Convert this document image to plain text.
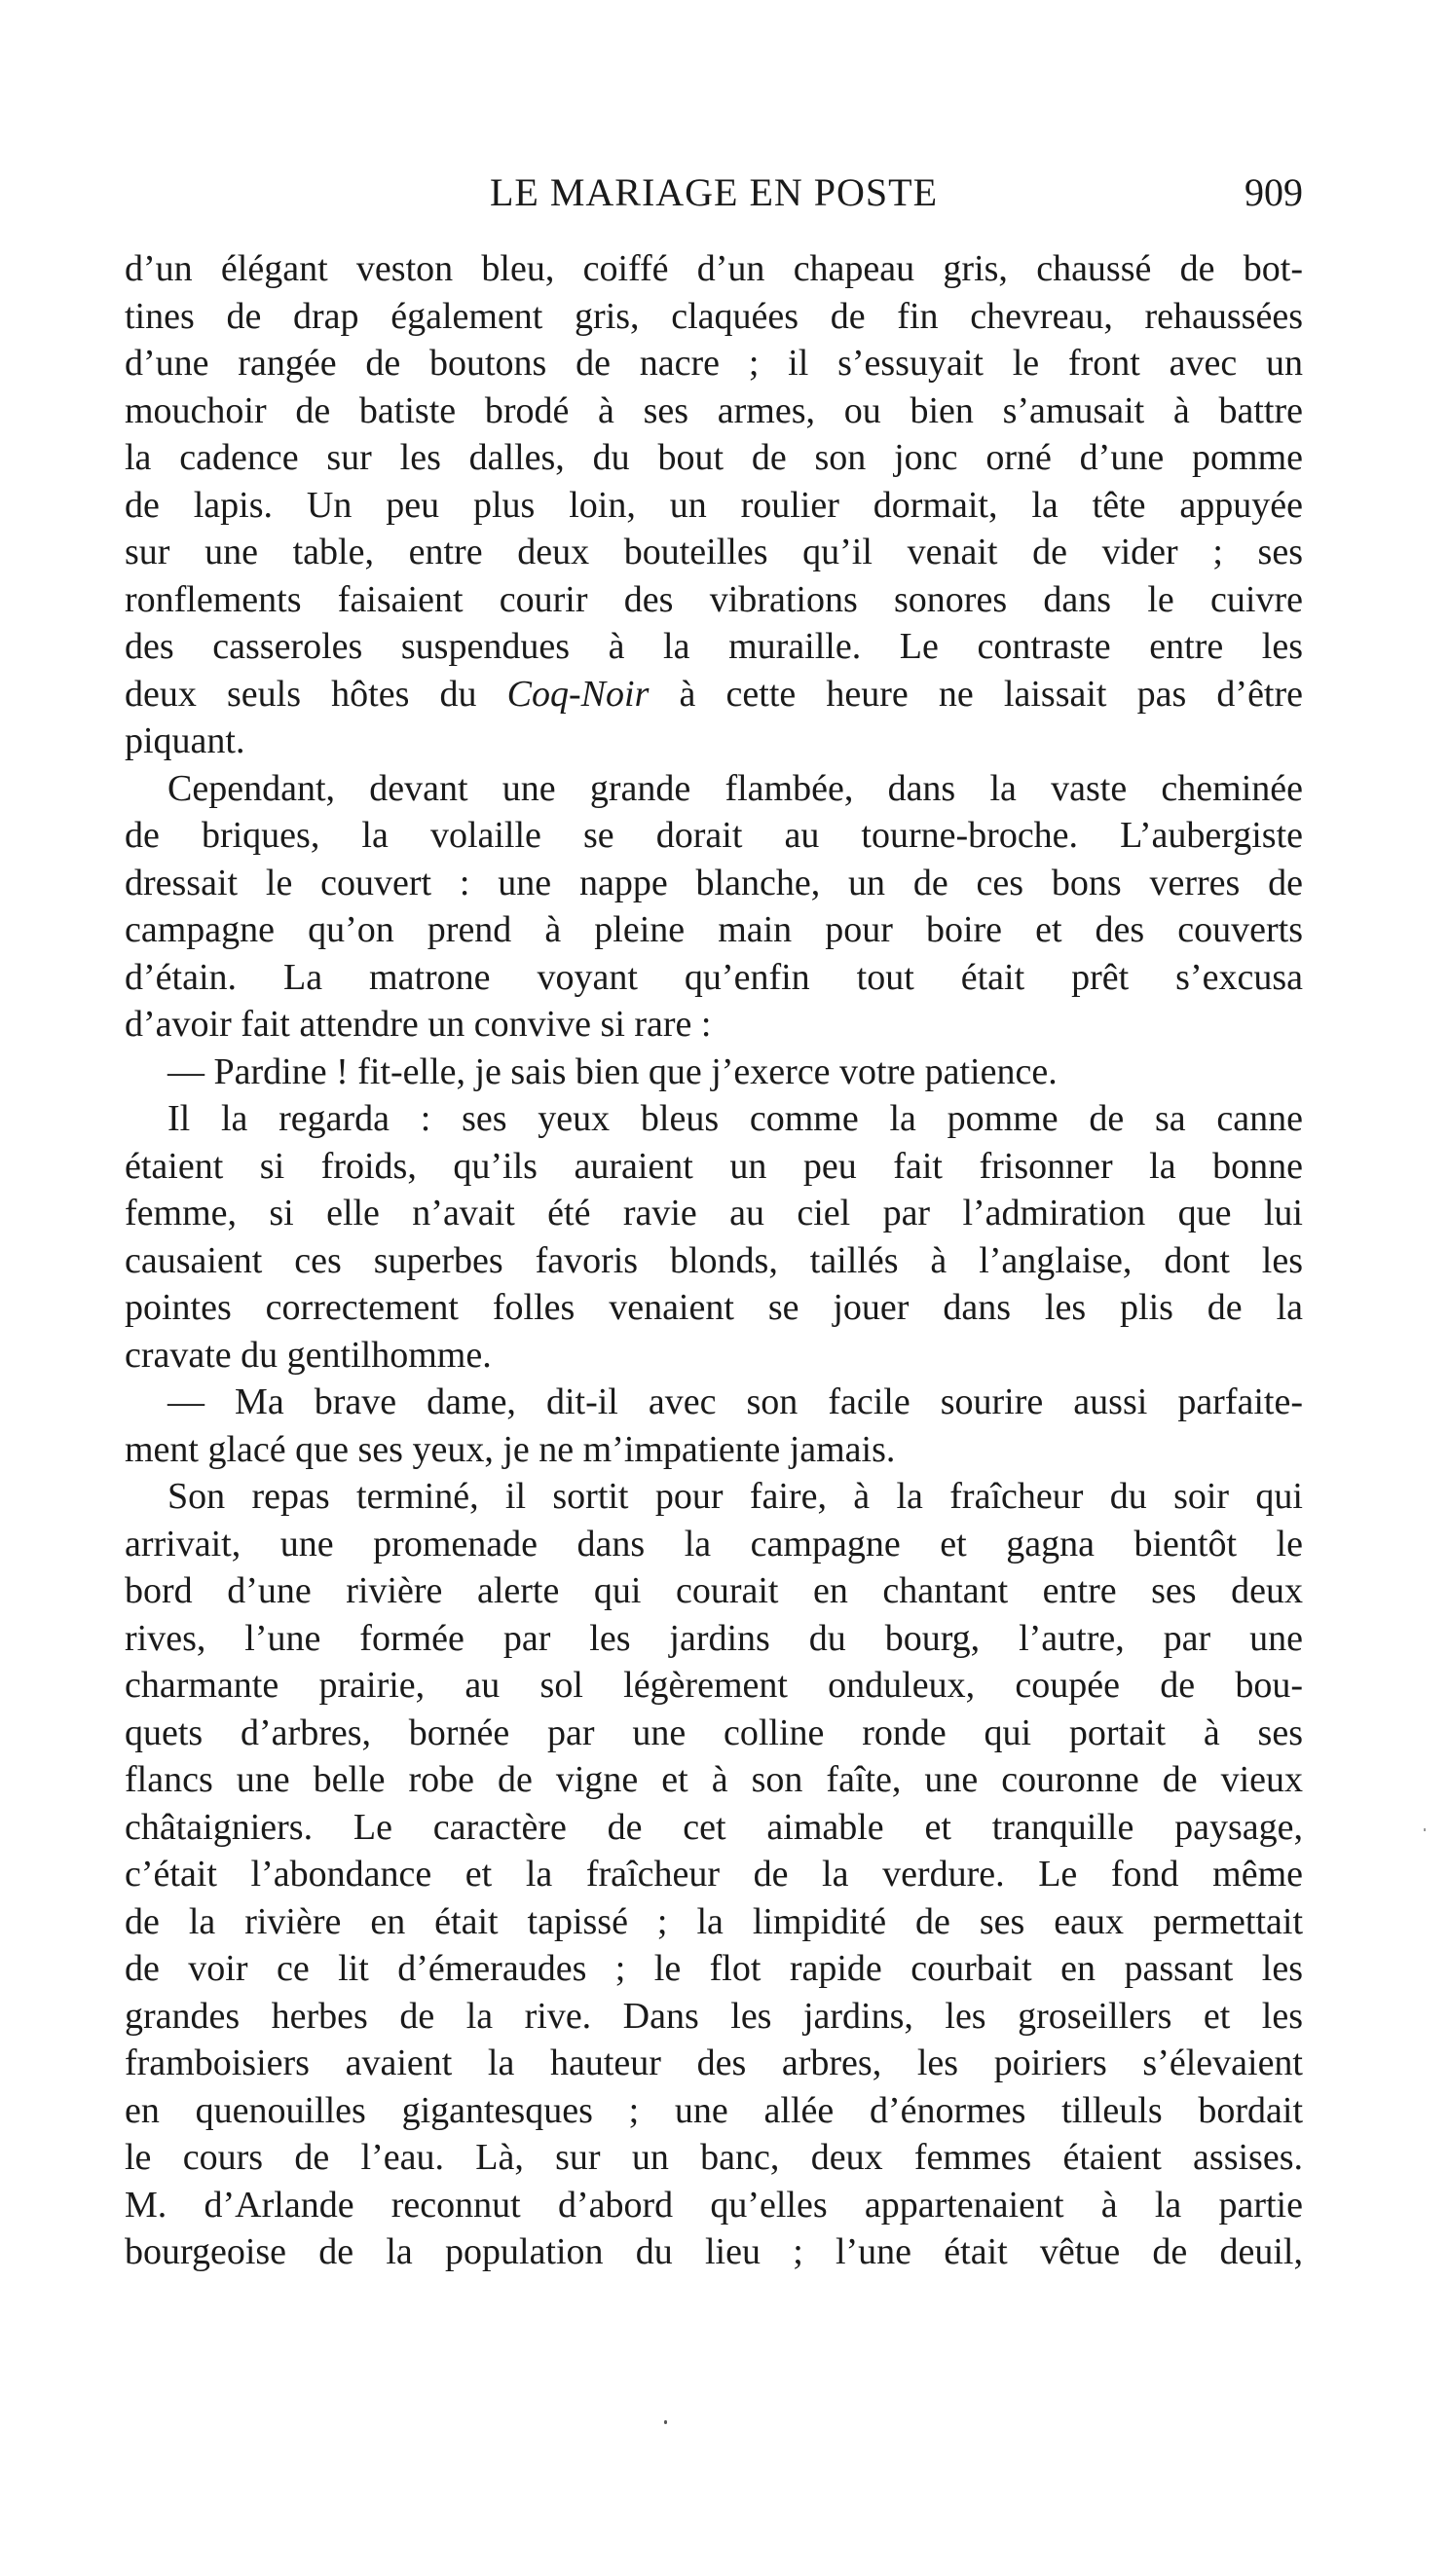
LE MARIAGE EN POSTE	909
d’un élégant veston bleu, coiffé d’un chapeau gris, chaussé de bot-
tines de drap également gris, claquées de fin chevreau, rehaussées
d’une rangée de boutons de nacre ; il s’essuyait le front avec un
mouchoir de batiste brodé à ses armes, ou bien s’amusait à battre
la cadence sur les dalles, du bout de son jonc orné d’une pomme
de lapis. Un peu plus loin, un roulier dormait, la tête appuyée
sur une table, entre deux bouteilles qu’il venait de vider ; ses
ronflements faisaient courir des vibrations sonores dans le cuivre
des casseroles suspendues à la muraille. Le contraste entre les
deux seuls hôtes du Coq-Noir à cette heure ne laissait pas d’être
piquant.
Cependant, devant une grande flambée, dans la vaste cheminée
de briques, la volaille se dorait au tourne-broche. L’aubergiste
dressait le couvert : une nappe blanche, un de ces bons verres de
campagne qu’on prend à pleine main pour boire et des couverts
d’étain. La matrone voyant qu’enfin tout était prêt s’excusa
d’avoir fait attendre un convive si rare :
— Pardine ! fit-elle, je sais bien que j’exerce votre patience.
Il la regarda : ses yeux bleus comme la pomme de sa canne
étaient si froids, qu’ils auraient un peu fait frisonner la bonne
femme, si elle n’avait été ravie au ciel par l’admiration que lui
causaient ces superbes favoris blonds, taillés à l’anglaise, dont les
pointes correctement folles venaient se jouer dans les plis de la
cravate du gentilhomme.
— Ma brave dame, dit-il avec son facile sourire aussi parfaite-
ment glacé que ses yeux, je ne m’impatiente jamais.
Son repas terminé, il sortit pour faire, à la fraîcheur du soir qui
arrivait, une promenade dans la campagne et gagna bientôt le
bord d’une rivière alerte qui courait en chantant entre ses deux
rives, l’une formée par les jardins du bourg, l’autre, par une
charmante prairie, au sol légèrement onduleux, coupée de bou-
quets d’arbres, bornée par une colline ronde qui portait à ses
flancs une belle robe de vigne et à son faîte, une couronne de vieux
châtaigniers. Le caractère de cet aimable et tranquille paysage,
c’était l’abondance et la fraîcheur de la verdure. Le fond même
de la rivière en était tapissé ; la limpidité de ses eaux permettait
de voir ce lit d’émeraudes ; le flot rapide courbait en passant les
grandes herbes de la rive. Dans les jardins, les groseillers et les
framboisiers avaient la hauteur des arbres, les poiriers s’élevaient
en quenouilles gigantesques ; une allée d’énormes tilleuls bordait
le cours de l’eau. Là, sur un banc, deux femmes étaient assises.
M. d’Arlande reconnut d’abord qu’elles appartenaient à la partie
bourgeoise de la population du lieu ; l’une était vêtue de deuil,
